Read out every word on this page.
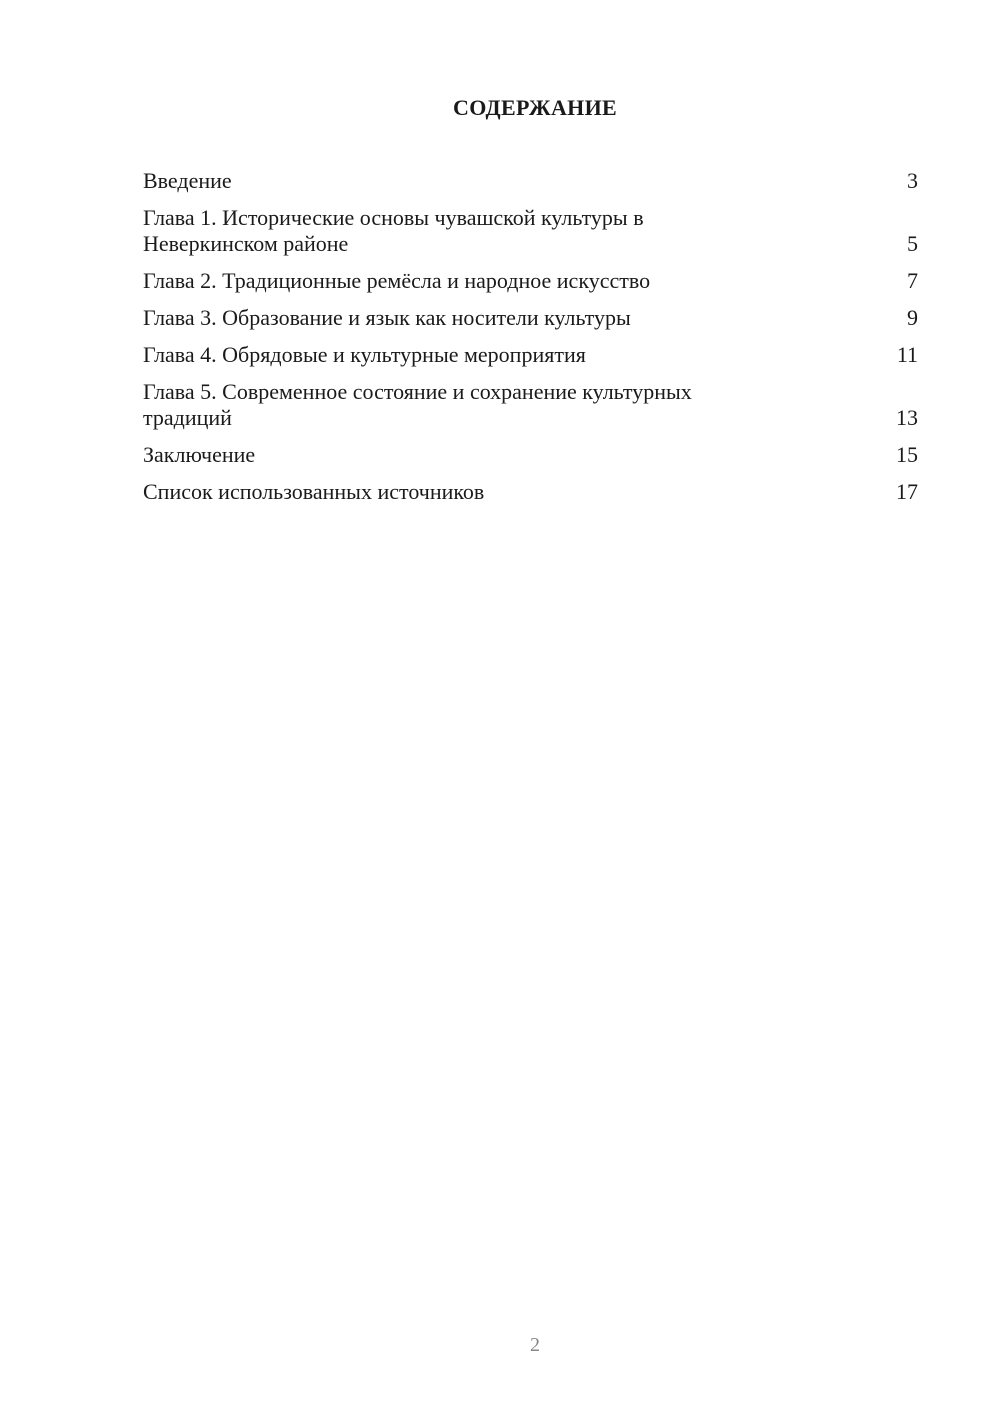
СОДЕРЖАНИЕ
Введение	3
Глава 1. Исторические основы чувашской культуры в Неверкинском районе	5
Глава 2. Традиционные ремёсла и народное искусство	7
Глава 3. Образование и язык как носители культуры	9
Глава 4. Обрядовые и культурные мероприятия	11
Глава 5. Современное состояние и сохранение культурных традиций	13
Заключение	15
Список использованных источников	17
2
